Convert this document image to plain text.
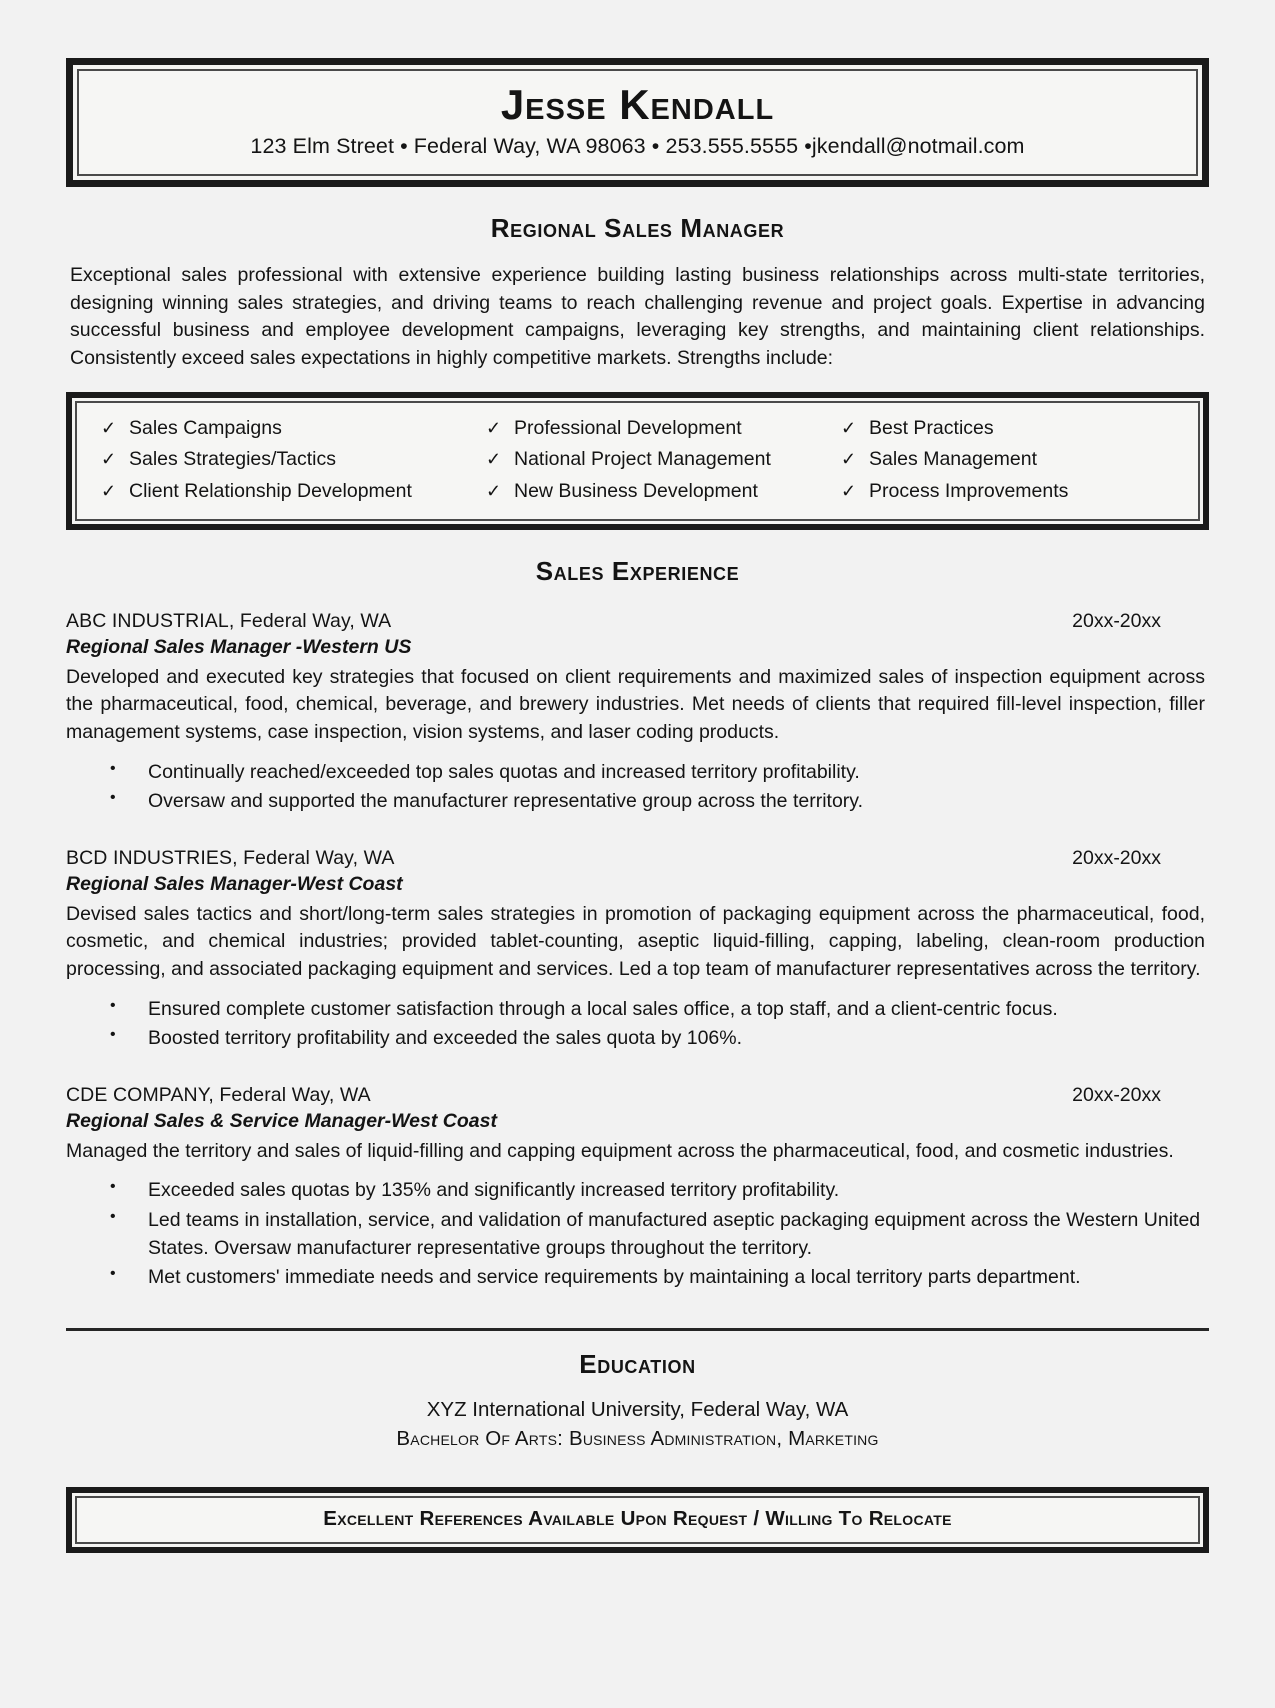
Jesse Kendall
123 Elm Street • Federal Way, WA 98063 • 253.555.5555 •jkendall@notmail.com
Regional Sales Manager
Exceptional sales professional with extensive experience building lasting business relationships across multi-state territories, designing winning sales strategies, and driving teams to reach challenging revenue and project goals. Expertise in advancing successful business and employee development campaigns, leveraging key strengths, and maintaining client relationships. Consistently exceed sales expectations in highly competitive markets. Strengths include:
✓ Sales Campaigns	✓ Professional Development	✓ Best Practices
✓ Sales Strategies/Tactics	✓ National Project Management	✓ Sales Management
✓ Client Relationship Development	✓ New Business Development	✓ Process Improvements
Sales Experience
ABC INDUSTRIAL, Federal Way, WA	20xx-20xx
Regional Sales Manager -Western US
Developed and executed key strategies that focused on client requirements and maximized sales of inspection equipment across the pharmaceutical, food, chemical, beverage, and brewery industries. Met needs of clients that required fill-level inspection, filler management systems, case inspection, vision systems, and laser coding products.
• Continually reached/exceeded top sales quotas and increased territory profitability.
• Oversaw and supported the manufacturer representative group across the territory.
BCD INDUSTRIES, Federal Way, WA	20xx-20xx
Regional Sales Manager-West Coast
Devised sales tactics and short/long-term sales strategies in promotion of packaging equipment across the pharmaceutical, food, cosmetic, and chemical industries; provided tablet-counting, aseptic liquid-filling, capping, labeling, clean-room production processing, and associated packaging equipment and services. Led a top team of manufacturer representatives across the territory.
• Ensured complete customer satisfaction through a local sales office, a top staff, and a client-centric focus.
• Boosted territory profitability and exceeded the sales quota by 106%.
CDE COMPANY, Federal Way, WA	20xx-20xx
Regional Sales & Service Manager-West Coast
Managed the territory and sales of liquid-filling and capping equipment across the pharmaceutical, food, and cosmetic industries.
• Exceeded sales quotas by 135% and significantly increased territory profitability.
• Led teams in installation, service, and validation of manufactured aseptic packaging equipment across the Western United States. Oversaw manufacturer representative groups throughout the territory.
• Met customers' immediate needs and service requirements by maintaining a local territory parts department.
Education
XYZ International University, Federal Way, WA
Bachelor Of Arts: Business Administration, Marketing
Excellent References Available Upon Request / Willing To Relocate
